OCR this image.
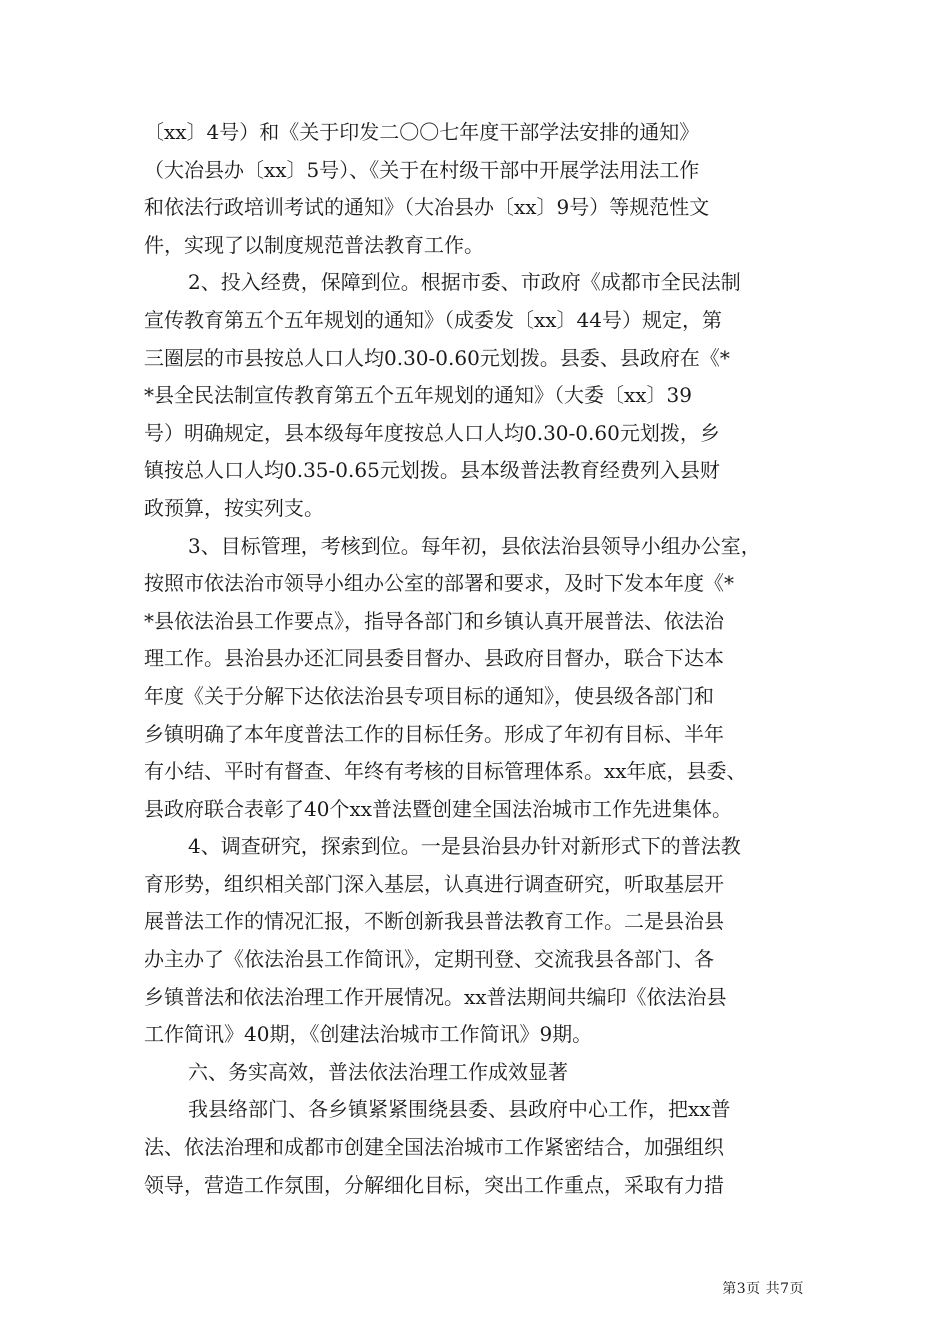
〔xx〕4号）和《关于印发二〇〇七年度干部学法安排的通知》
（大冶县办〔xx〕5号）、《关于在村级干部中开展学法用法工作
和依法行政培训考试的通知》（大冶县办〔xx〕9号）等规范性文
件，实现了以制度规范普法教育工作。
2、投入经费，保障到位。根据市委、市政府《成都市全民法制
宣传教育第五个五年规划的通知》（成委发〔xx〕44号）规定，第
三圈层的市县按总人口人均0.30-0.60元划拨。县委、县政府在《*
*县全民法制宣传教育第五个五年规划的通知》（大委〔xx〕39
号）明确规定，县本级每年度按总人口人均0.30-0.60元划拨，乡
镇按总人口人均0.35-0.65元划拨。县本级普法教育经费列入县财
政预算，按实列支。
3、目标管理，考核到位。每年初，县依法治县领导小组办公室，
按照市依法治市领导小组办公室的部署和要求，及时下发本年度《*
*县依法治县工作要点》，指导各部门和乡镇认真开展普法、依法治
理工作。县治县办还汇同县委目督办、县政府目督办，联合下达本
年度《关于分解下达依法治县专项目标的通知》，使县级各部门和
乡镇明确了本年度普法工作的目标任务。形成了年初有目标、半年
有小结、平时有督查、年终有考核的目标管理体系。xx年底，县委、
县政府联合表彰了40个xx普法暨创建全国法治城市工作先进集体。
4、调查研究，探索到位。一是县治县办针对新形式下的普法教
育形势，组织相关部门深入基层，认真进行调查研究，听取基层开
展普法工作的情况汇报，不断创新我县普法教育工作。二是县治县
办主办了《依法治县工作简讯》，定期刊登、交流我县各部门、各
乡镇普法和依法治理工作开展情况。xx普法期间共编印《依法治县
工作简讯》40期，《创建法治城市工作简讯》9期。
六、务实高效，普法依法治理工作成效显著
我县络部门、各乡镇紧紧围绕县委、县政府中心工作，把xx普
法、依法治理和成都市创建全国法治城市工作紧密结合，加强组织
领导，营造工作氛围，分解细化目标，突出工作重点，采取有力措
第3页 共7页
